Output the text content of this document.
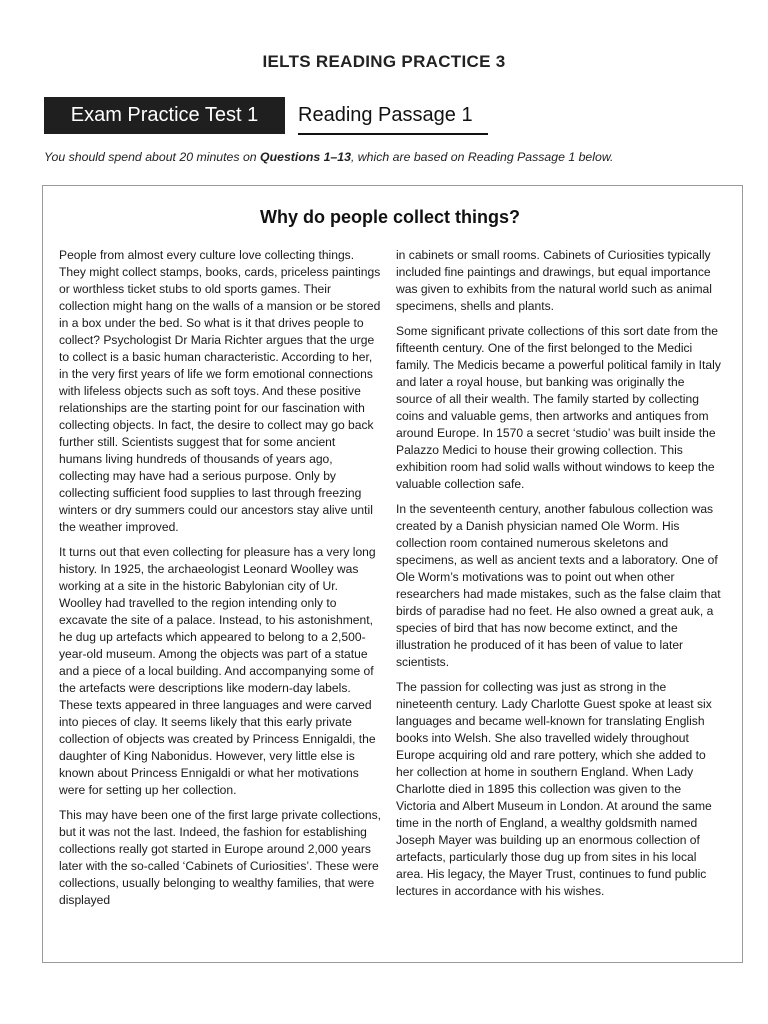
IELTS READING PRACTICE 3
Exam Practice Test 1	Reading Passage 1
You should spend about 20 minutes on Questions 1–13, which are based on Reading Passage 1 below.
Why do people collect things?

People from almost every culture love collecting things. They might collect stamps, books, cards, priceless paintings or worthless ticket stubs to old sports games. Their collection might hang on the walls of a mansion or be stored in a box under the bed. So what is it that drives people to collect? Psychologist Dr Maria Richter argues that the urge to collect is a basic human characteristic. According to her, in the very first years of life we form emotional connections with lifeless objects such as soft toys. And these positive relationships are the starting point for our fascination with collecting objects. In fact, the desire to collect may go back further still. Scientists suggest that for some ancient humans living hundreds of thousands of years ago, collecting may have had a serious purpose. Only by collecting sufficient food supplies to last through freezing winters or dry summers could our ancestors stay alive until the weather improved.

It turns out that even collecting for pleasure has a very long history. In 1925, the archaeologist Leonard Woolley was working at a site in the historic Babylonian city of Ur. Woolley had travelled to the region intending only to excavate the site of a palace. Instead, to his astonishment, he dug up artefacts which appeared to belong to a 2,500-year-old museum. Among the objects was part of a statue and a piece of a local building. And accompanying some of the artefacts were descriptions like modern-day labels. These texts appeared in three languages and were carved into pieces of clay. It seems likely that this early private collection of objects was created by Princess Ennigaldi, the daughter of King Nabonidus. However, very little else is known about Princess Ennigaldi or what her motivations were for setting up her collection.

This may have been one of the first large private collections, but it was not the last. Indeed, the fashion for establishing collections really got started in Europe around 2,000 years later with the so-called ‘Cabinets of Curiosities’. These were collections, usually belonging to wealthy families, that were displayed

in cabinets or small rooms. Cabinets of Curiosities typically included fine paintings and drawings, but equal importance was given to exhibits from the natural world such as animal specimens, shells and plants.

Some significant private collections of this sort date from the fifteenth century. One of the first belonged to the Medici family. The Medicis became a powerful political family in Italy and later a royal house, but banking was originally the source of all their wealth. The family started by collecting coins and valuable gems, then artworks and antiques from around Europe. In 1570 a secret ‘studio’ was built inside the Palazzo Medici to house their growing collection. This exhibition room had solid walls without windows to keep the valuable collection safe.

In the seventeenth century, another fabulous collection was created by a Danish physician named Ole Worm. His collection room contained numerous skeletons and specimens, as well as ancient texts and a laboratory. One of Ole Worm’s motivations was to point out when other researchers had made mistakes, such as the false claim that birds of paradise had no feet. He also owned a great auk, a species of bird that has now become extinct, and the illustration he produced of it has been of value to later scientists.

The passion for collecting was just as strong in the nineteenth century. Lady Charlotte Guest spoke at least six languages and became well-known for translating English books into Welsh. She also travelled widely throughout Europe acquiring old and rare pottery, which she added to her collection at home in southern England. When Lady Charlotte died in 1895 this collection was given to the Victoria and Albert Museum in London. At around the same time in the north of England, a wealthy goldsmith named Joseph Mayer was building up an enormous collection of artefacts, particularly those dug up from sites in his local area. His legacy, the Mayer Trust, continues to fund public lectures in accordance with his wishes.
